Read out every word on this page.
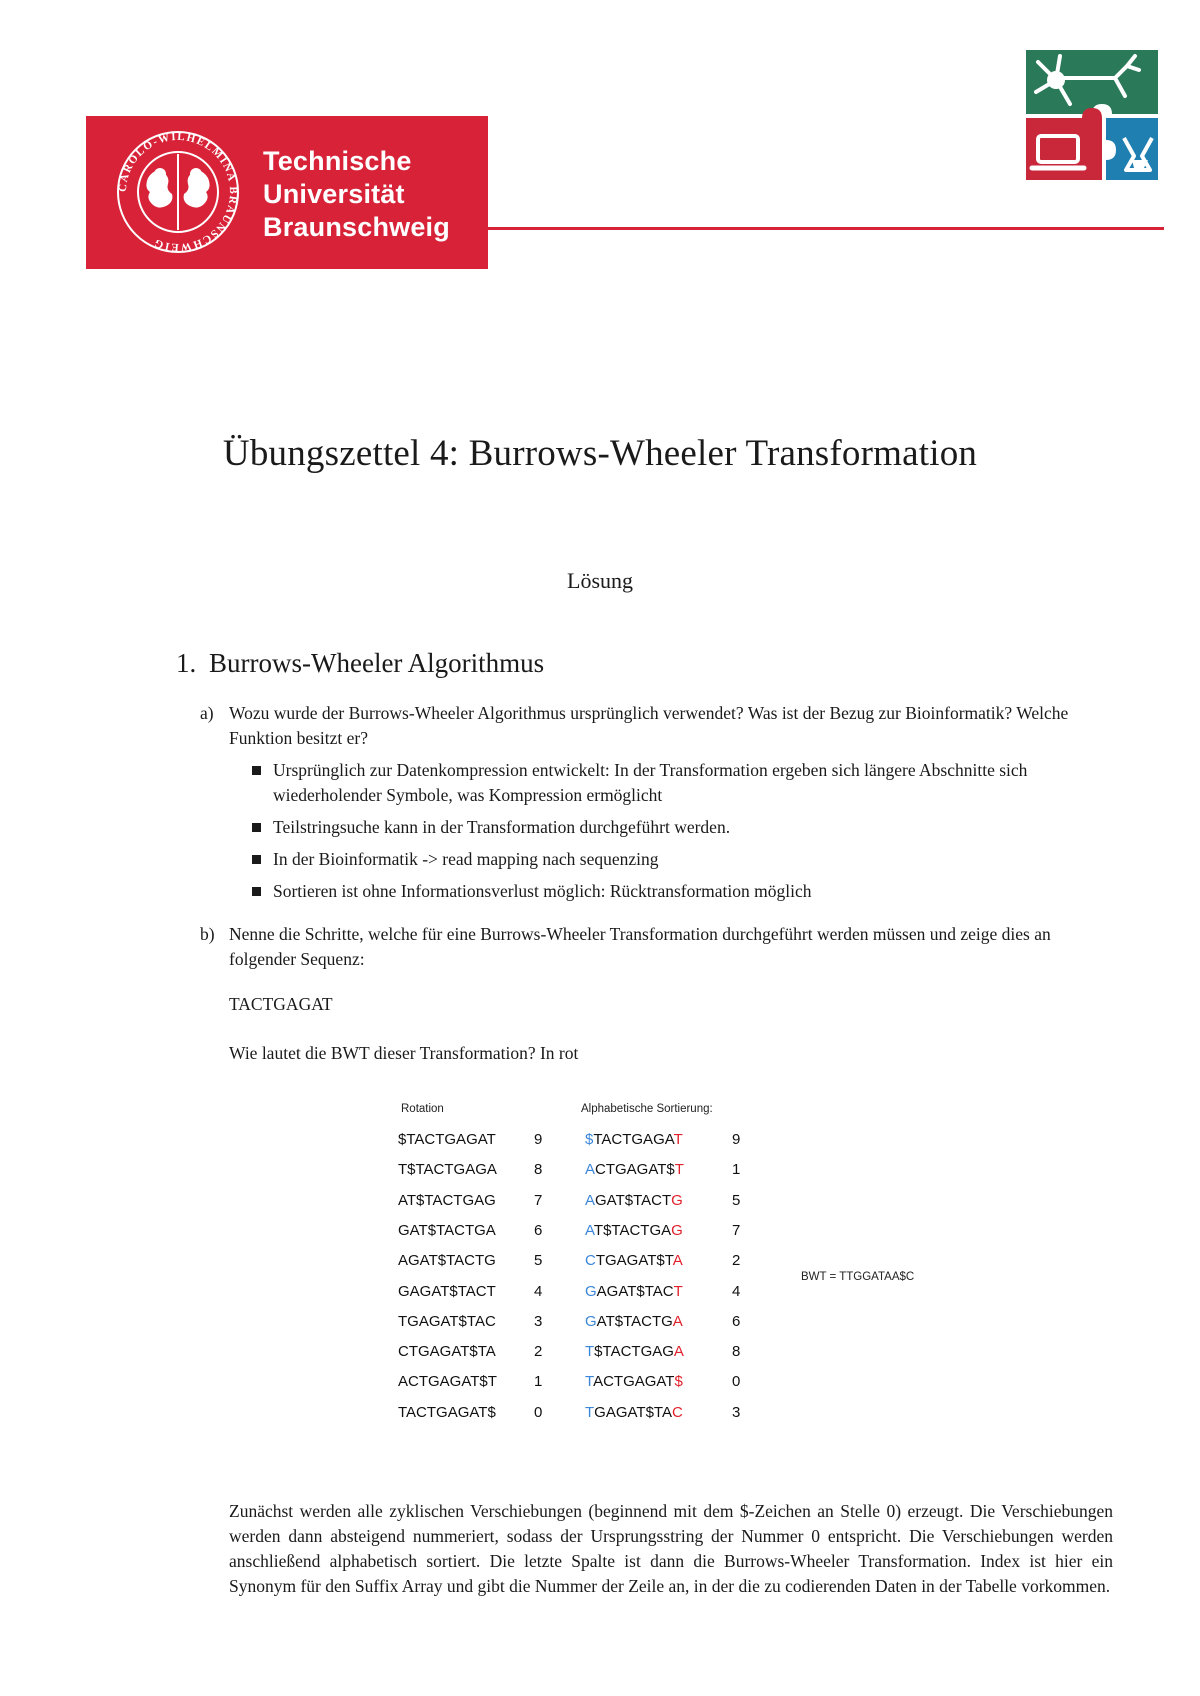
CAROLO-WILHELMINA BRAUNSCHWEIG
Technische
Universität
Braunschweig
Übungszettel 4: Burrows-Wheeler Transformation
Lösung
1. Burrows-Wheeler Algorithmus
a) Wozu wurde der Burrows-Wheeler Algorithmus ursprünglich verwendet? Was ist der Bezug zur Bioinformatik? Welche Funktion besitzt er?
Ursprünglich zur Datenkompression entwickelt: In der Transformation ergeben sich längere Abschnitte sich wiederholender Symbole, was Kompression ermöglicht
Teilstringsuche kann in der Transformation durchgeführt werden.
In der Bioinformatik -> read mapping nach sequenzing
Sortieren ist ohne Informationsverlust möglich: Rücktransformation möglich
b) Nenne die Schritte, welche für eine Burrows-Wheeler Transformation durchgeführt werden müssen und zeige dies an folgender Sequenz:
TACTGAGAT
Wie lautet die BWT dieser Transformation? In rot
Rotation	Alphabetische Sortierung:
$TACTGAGAT	9	$TACTGAGAT	9
T$TACTGAGA 8	ACTGAGAT$T	1
AT$TACTGAG	7	AGAT$TACTG	5
GAT$TACTGA	6	AT$TACTGAG	7
AGAT$TACTG	5	CTGAGAT$TA	2
GAGAT$TACT	4	GAGAT$TACT	4
TGAGAT$TAC	3	GAT$TACTGA	6
CTGAGAT$TA	2	T$TACTGAGA	8
ACTGAGAT$T 1	TACTGAGAT$	0
TACTGAGAT$	0	TGAGAT$TAC	3
BWT = TTGGATAA$C
Zunächst werden alle zyklischen Verschiebungen (beginnend mit dem $-Zeichen an Stelle 0) erzeugt. Die Verschiebungen werden dann absteigend nummeriert, sodass der Ursprungsstring der Nummer 0 entspricht. Die Verschiebungen werden anschließend alphabetisch sortiert. Die letzte Spalte ist dann die Burrows-Wheeler Transformation. Index ist hier ein Synonym für den Suffix Array und gibt die Nummer der Zeile an, in der die zu codierenden Daten in der Tabelle vorkommen.
